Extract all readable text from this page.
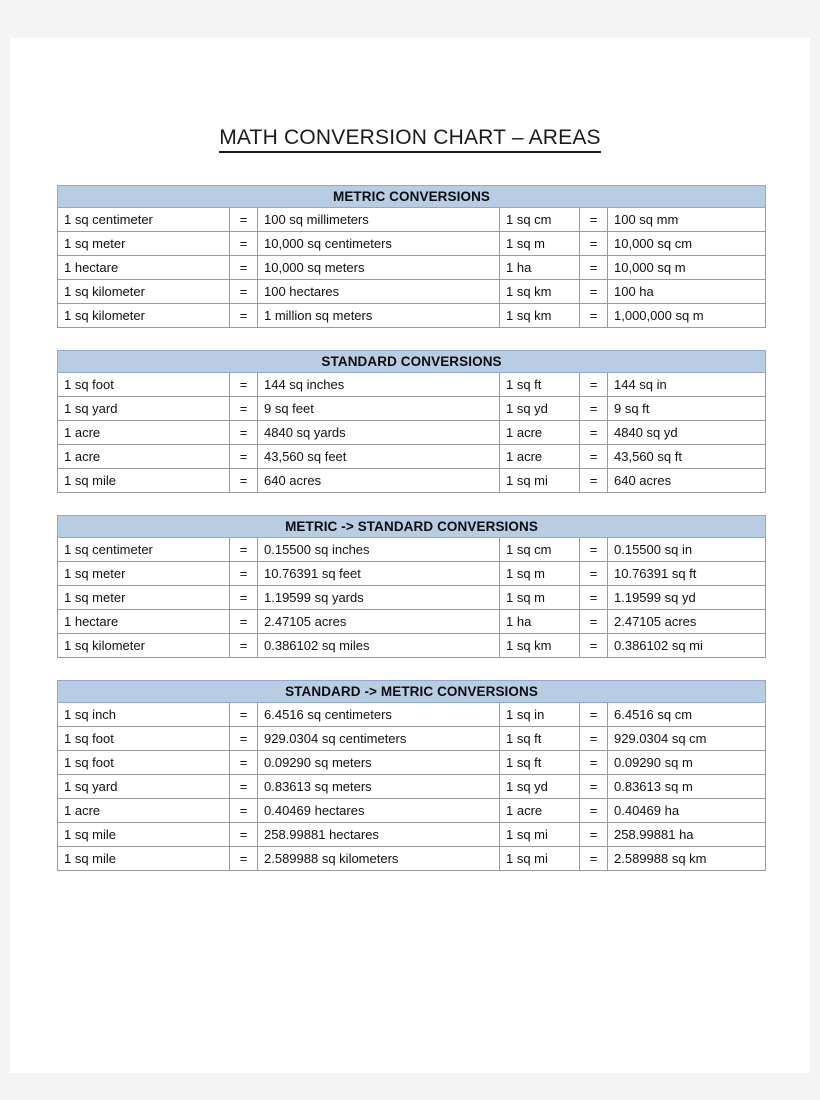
MATH CONVERSION CHART – AREAS
METRIC CONVERSIONS					
1 sq centimeter	=	100 sq millimeters	1 sq cm	=	100 sq mm
1 sq meter	=	10,000 sq centimeters	1 sq m	=	10,000 sq cm
1 hectare	=	10,000 sq meters	1 ha	=	10,000 sq m
1 sq kilometer	=	100 hectares	1 sq km	=	100 ha
1 sq kilometer	=	1 million sq meters	1 sq km	=	1,000,000 sq m
STANDARD CONVERSIONS					
1 sq foot	=	144 sq inches	1 sq ft	=	144 sq in
1 sq yard	=	9 sq feet	1 sq yd	=	9 sq ft
1 acre	=	4840 sq yards	1 acre	=	4840 sq yd
1 acre	=	43,560 sq feet	1 acre	=	43,560 sq ft
1 sq mile	=	640 acres	1 sq mi	=	640 acres
METRIC -> STANDARD CONVERSIONS					
1 sq centimeter	=	0.15500 sq inches	1 sq cm	=	0.15500 sq in
1 sq meter	=	10.76391 sq feet	1 sq m	=	10.76391 sq ft
1 sq meter	=	1.19599 sq yards	1 sq m	=	1.19599 sq yd
1 hectare	=	2.47105 acres	1 ha	=	2.47105 acres
1 sq kilometer	=	0.386102 sq miles	1 sq km	=	0.386102 sq mi
STANDARD -> METRIC CONVERSIONS					
1 sq inch	=	6.4516 sq centimeters	1 sq in	=	6.4516 sq cm
1 sq foot	=	929.0304 sq centimeters	1 sq ft	=	929.0304 sq cm
1 sq foot	=	0.09290 sq meters	1 sq ft	=	0.09290 sq m
1 sq yard	=	0.83613 sq meters	1 sq yd	=	0.83613 sq m
1 acre	=	0.40469 hectares	1 acre	=	0.40469 ha
1 sq mile	=	258.99881 hectares	1 sq mi	=	258.99881 ha
1 sq mile	=	2.589988 sq kilometers	1 sq mi	=	2.589988 sq km
